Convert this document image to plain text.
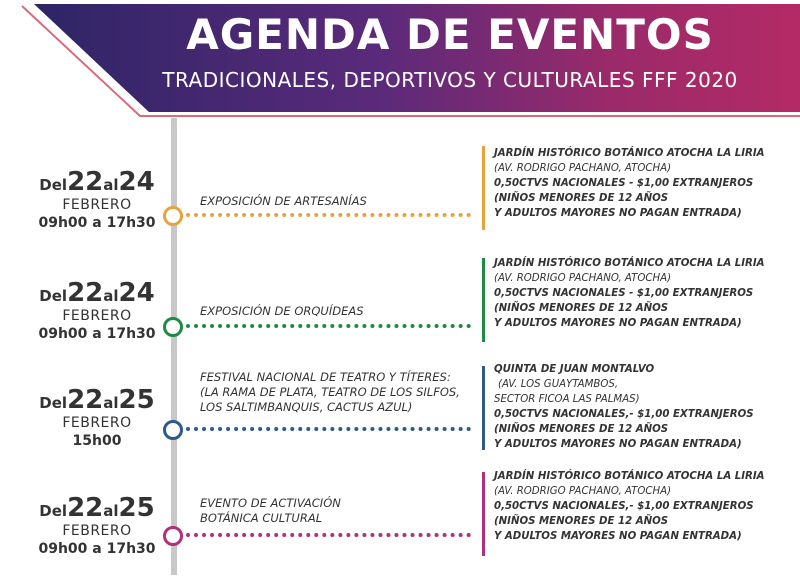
AGENDA DE EVENTOS
TRADICIONALES, DEPORTIVOS Y CULTURALES FFF 2020
Del22al24
FEBRERO
09h00 a 17h30
EXPOSICIÓN DE ARTESANÍAS
JARDÍN HISTÓRICO BOTÁNICO ATOCHA LA LIRIA
(AV. RODRIGO PACHANO, ATOCHA)
0,50CTVS NACIONALES - $1,00 EXTRANJEROS
(NIÑOS MENORES DE 12 AÑOS
Y ADULTOS MAYORES NO PAGAN ENTRADA)
Del22al24
FEBRERO
09h00 a 17h30
EXPOSICIÓN DE ORQUÍDEAS
JARDÍN HISTÓRICO BOTÁNICO ATOCHA LA LIRIA
(AV. RODRIGO PACHANO, ATOCHA)
0,50CTVS NACIONALES - $1,00 EXTRANJEROS
(NIÑOS MENORES DE 12 AÑOS
Y ADULTOS MAYORES NO PAGAN ENTRADA)
Del22al25
FEBRERO
15h00
FESTIVAL NACIONAL DE TEATRO Y TÍTERES:
(LA RAMA DE PLATA, TEATRO DE LOS SILFOS,
LOS SALTIMBANQUIS, CACTUS AZUL)
QUINTA DE JUAN MONTALVO
(AV. LOS GUAYTAMBOS,
SECTOR FICOA LAS PALMAS)
0,50CTVS NACIONALES,- $1,00 EXTRANJEROS
(NIÑOS MENORES DE 12 AÑOS
Y ADULTOS MAYORES NO PAGAN ENTRADA)
Del22al25
FEBRERO
09h00 a 17h30
EVENTO DE ACTIVACIÓN
BOTÁNICA CULTURAL
JARDÍN HISTÓRICO BOTÁNICO ATOCHA LA LIRIA
(AV. RODRIGO PACHANO, ATOCHA)
0,50CTVS NACIONALES,- $1,00 EXTRANJEROS
(NIÑOS MENORES DE 12 AÑOS
Y ADULTOS MAYORES NO PAGAN ENTRADA)
